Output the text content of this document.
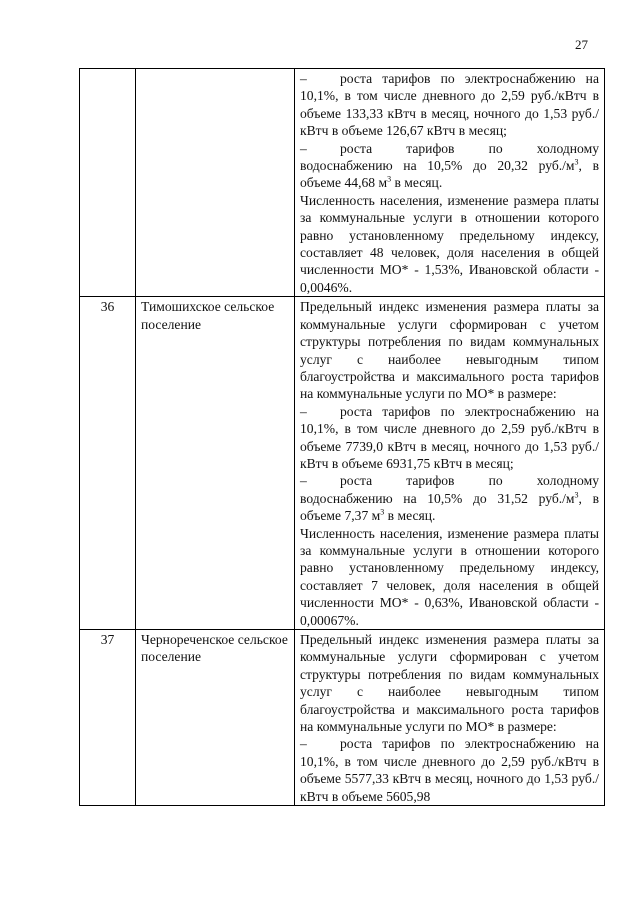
27

		– роста тарифов по электроснабжению на 10,1%, в том числе дневного до 2,59 руб./кВтч в объеме 133,33 кВтч в месяц, ночного до 1,53 руб./кВтч в объеме 126,67 кВтч в месяц;

– роста тарифов по холодному водоснабжению на 10,5% до 20,32 $руб./м^3$, в объеме 44,68 $м^3$ в месяц.

Численность населения, изменение размера платы за коммунальные услуги в отношении которого равно установленному предельному индексу, составляет 48 человек, доля населения в общей численности МО* - 1,53%, Ивановской области - 0,0046%.

36	Тимошихское сельское поселение	Предельный индекс изменения размера платы за коммунальные услуги сформирован с учетом структуры потребления по видам коммунальных услуг с наиболее невыгодным типом благоустройства и максимального роста тарифов на коммунальные услуги по МО* в размере:

– роста тарифов по электроснабжению на 10,1%, в том числе дневного до 2,59 руб./кВтч в объеме 7739,0 кВтч в месяц, ночного до 1,53 руб./кВтч в объеме 6931,75 кВтч в месяц;

– роста тарифов по холодному водоснабжению на 10,5% до 31,52 $руб./м^3$, в объеме 7,37 $м^3$ в месяц.

Численность населения, изменение размера платы за коммунальные услуги в отношении которого равно установленному предельному индексу, составляет 7 человек, доля населения в общей численности МО* - 0,63%, Ивановской области - 0,00067%.

37	Чернореченское сельское поселение	Предельный индекс изменения размера платы за коммунальные услуги сформирован с учетом структуры потребления по видам коммунальных услуг с наиболее невыгодным типом благоустройства и максимального роста тарифов на коммунальные услуги по МО* в размере:

– роста тарифов по электроснабжению на 10,1%, в том числе дневного до 2,59 руб./кВтч в объеме 5577,33 кВтч в месяц, ночного до 1,53 руб./кВтч в объеме 5605,98
